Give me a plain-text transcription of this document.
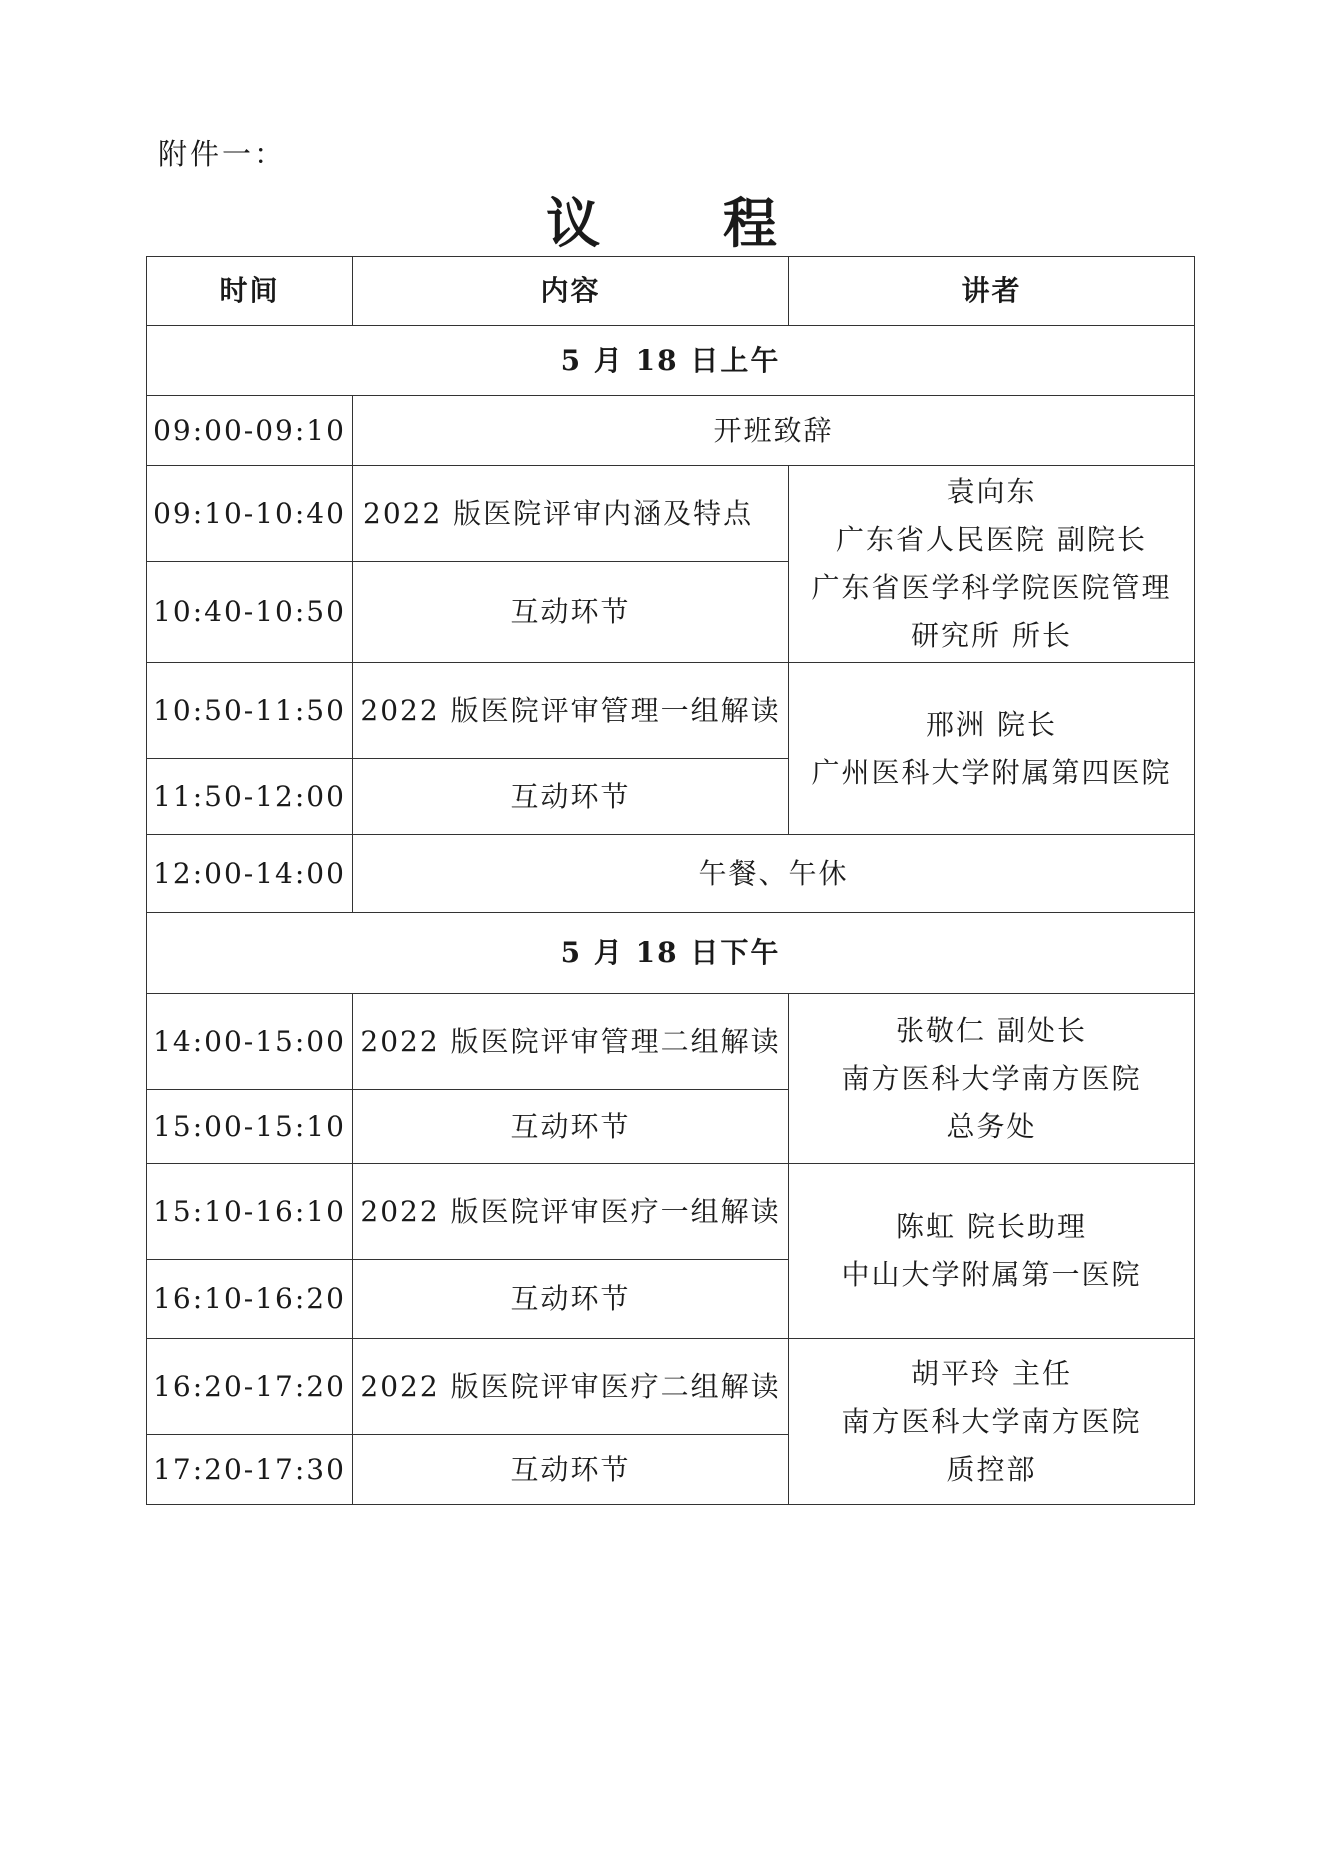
附件一：
议 程
时间	内容	讲者
5 月 18 日上午		
09:00-09:10	开班致辞	
09:10-10:40	2022 版医院评审内涵及特点	袁向东
广东省人民医院 副院长
广东省医学科学院医院管理
研究所 所长

10:40-10:50	互动环节	
10:50-11:50	2022 版医院评审管理一组解读	邢洲 院长
广州医科大学附属第四医院

11:50-12:00	互动环节	
12:00-14:00	午餐、午休	
5 月 18 日下午		
14:00-15:00	2022 版医院评审管理二组解读	张敬仁 副处长
南方医科大学南方医院
总务处

15:00-15:10	互动环节	
15:10-16:10	2022 版医院评审医疗一组解读	陈虹 院长助理
中山大学附属第一医院

16:10-16:20	互动环节	
16:20-17:20	2022 版医院评审医疗二组解读	胡平玲 主任
南方医科大学南方医院
质控部

17:20-17:30	互动环节	
